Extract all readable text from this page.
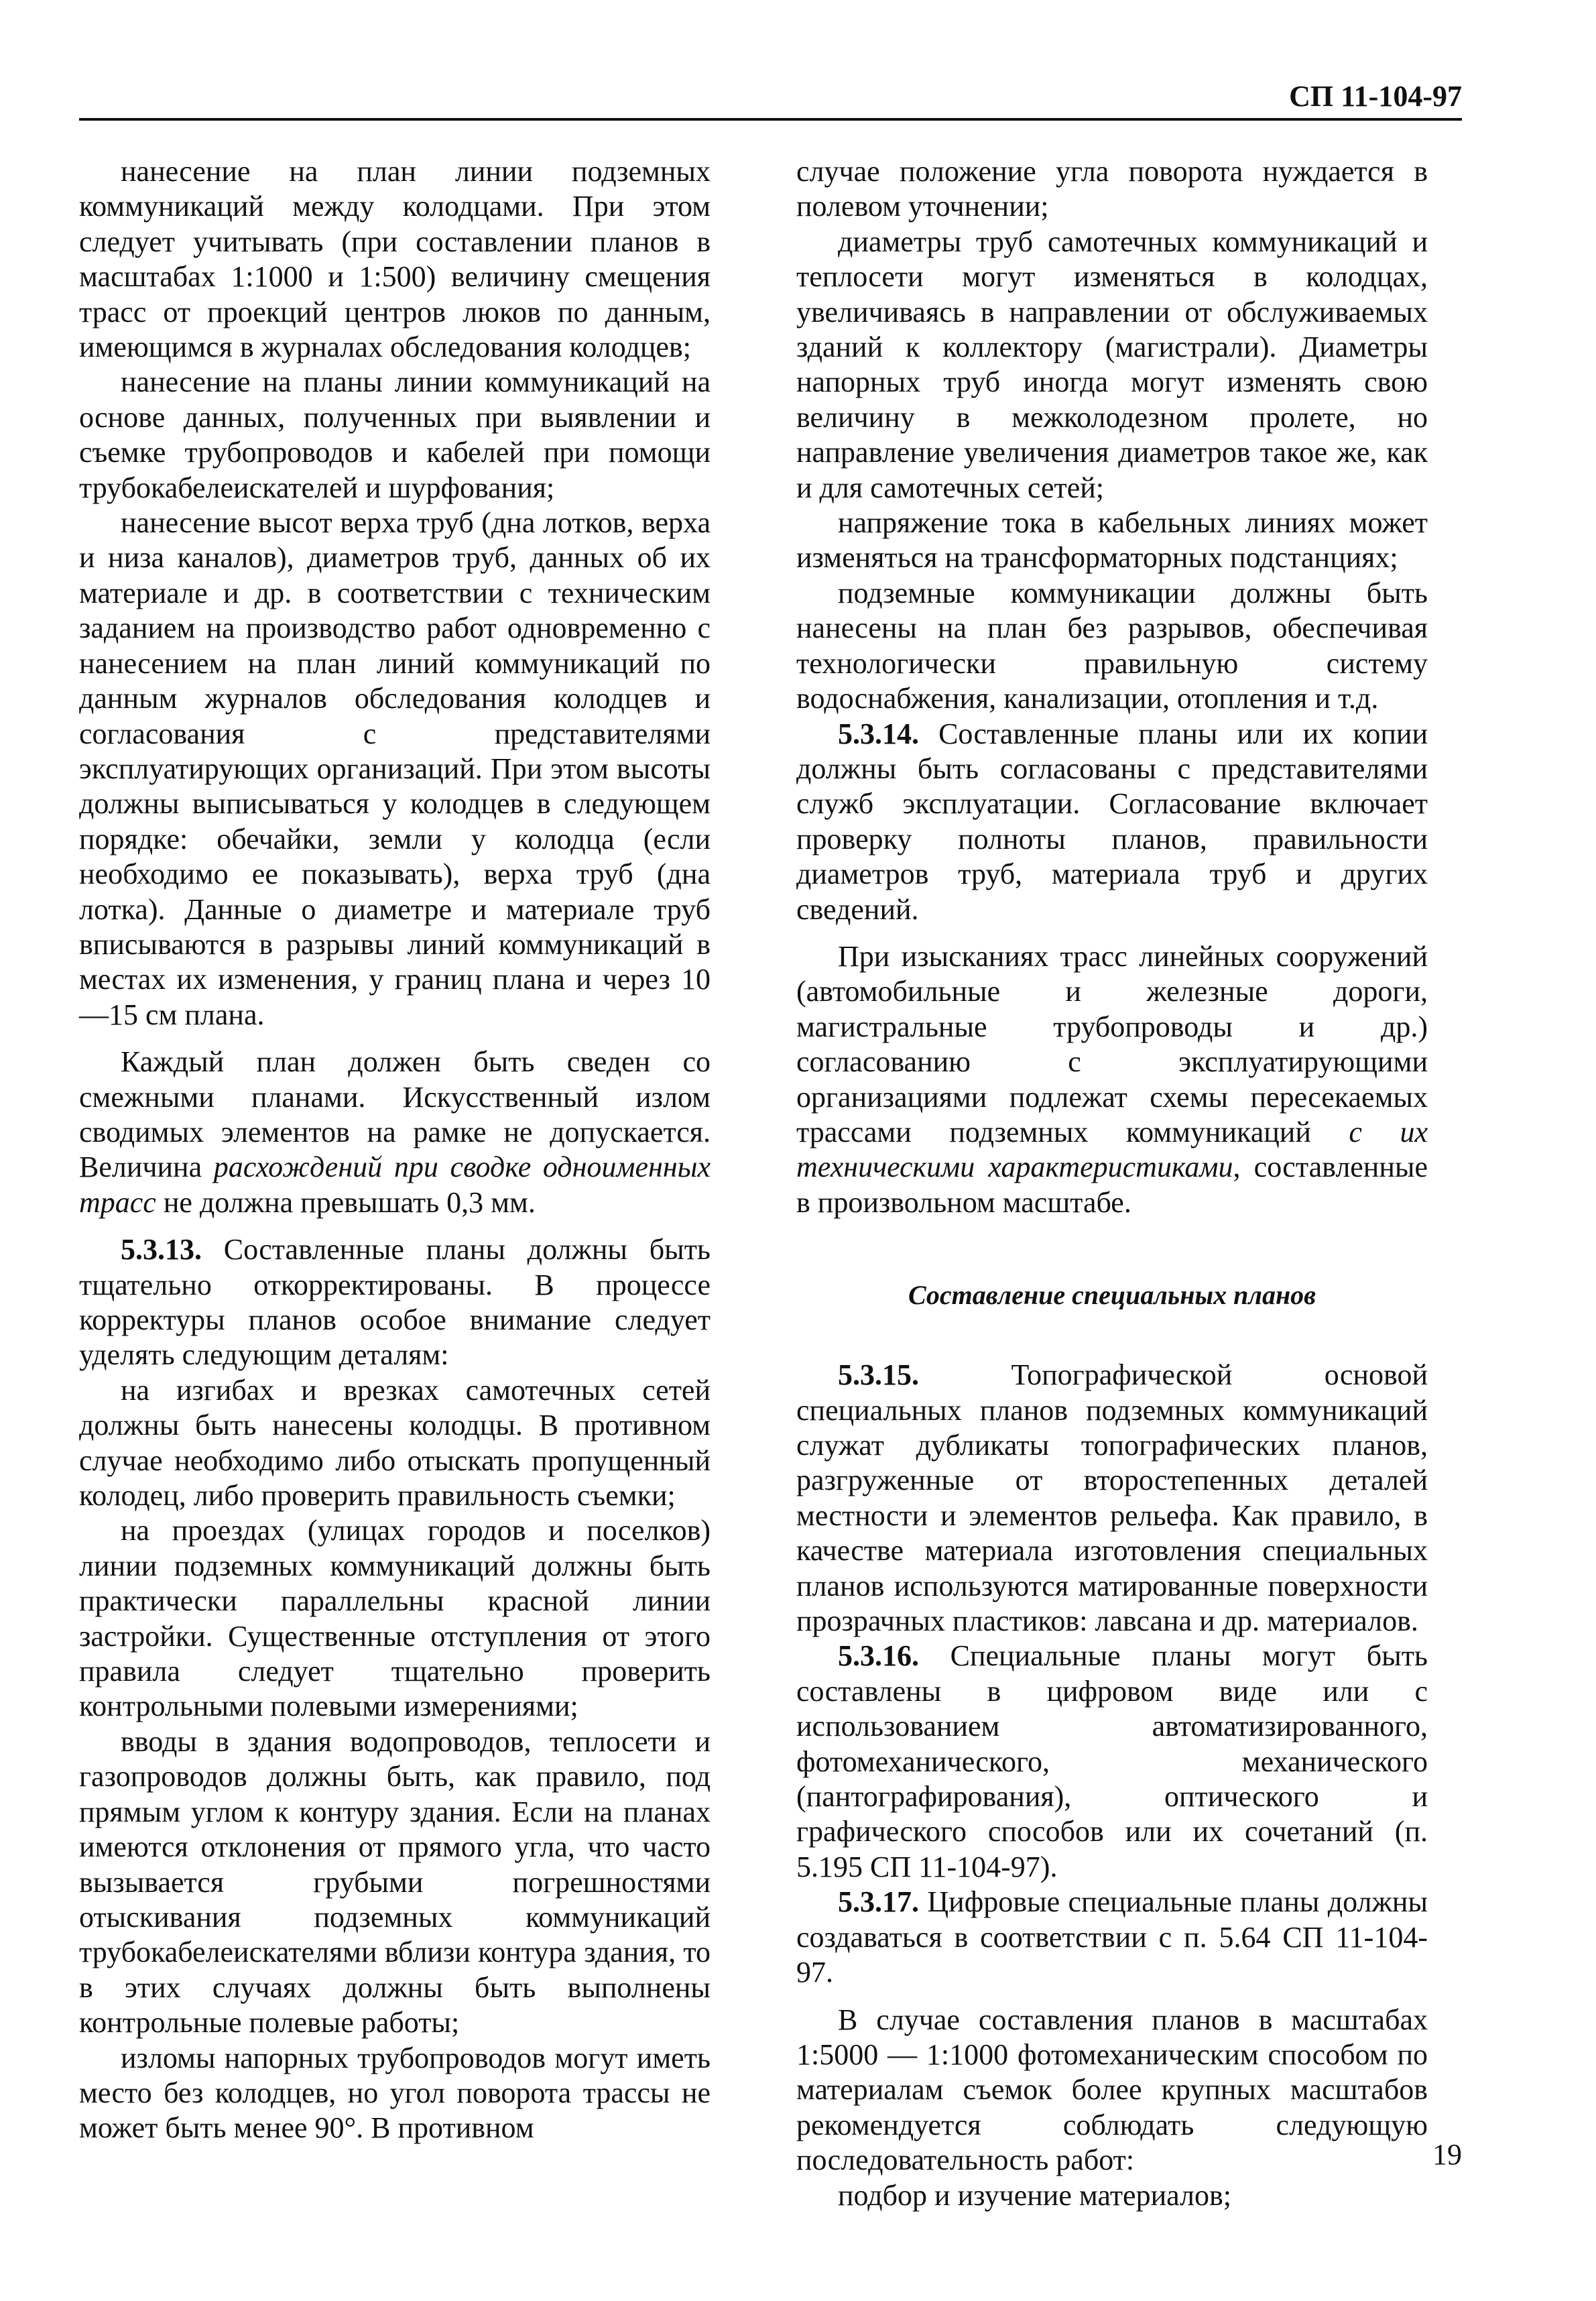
СП 11-104-97

нанесение на план линии подземных коммуникаций между колодцами. При этом следует учитывать (при составлении планов в масштабах 1:1000 и 1:500) величину смещения трасс от проекций центров люков по данным, имеющимся в журналах обследования колодцев;

нанесение на планы линии коммуникаций на основе данных, полученных при выявлении и съемке трубопроводов и кабелей при помощи трубокабелеискателей и шурфования;

нанесение высот верха труб (дна лотков, верха и низа каналов), диаметров труб, данных об их материале и др. в соответствии с техническим заданием на производство работ одновременно с нанесением на план линий коммуникаций по данным журналов обследования колодцев и согласования с представителями эксплуатирующих организаций. При этом высоты должны выписываться у колодцев в следующем порядке: обечайки, земли у колодца (если необходимо ее показывать), верха труб (дна лотка). Данные о диаметре и материале труб вписываются в разрывы линий коммуникаций в местах их изменения, у границ плана и через 10—15 см плана.

Каждый план должен быть сведен со смежными планами. Искусственный излом сводимых элементов на рамке не допускается. Величина расхождений при сводке одноименных трасс не должна превышать 0,3 мм.

5.3.13. Составленные планы должны быть тщательно откорректированы. В процессе корректуры планов особое внимание следует уделять следующим деталям:

на изгибах и врезках самотечных сетей должны быть нанесены колодцы. В противном случае необходимо либо отыскать пропущенный колодец, либо проверить правильность съемки;

на проездах (улицах городов и поселков) линии подземных коммуникаций должны быть практически параллельны красной линии застройки. Существенные отступления от этого правила следует тщательно проверить контрольными полевыми измерениями;

вводы в здания водопроводов, теплосети и газопроводов должны быть, как правило, под прямым углом к контуру здания. Если на планах имеются отклонения от прямого угла, что часто вызывается грубыми погрешностями отыскивания подземных коммуникаций трубокабелеискателями вблизи контура здания, то в этих случаях должны быть выполнены контрольные полевые работы;

изломы напорных трубопроводов могут иметь место без колодцев, но угол поворота трассы не может быть менее 90°. В противном

случае положение угла поворота нуждается в полевом уточнении;

диаметры труб самотечных коммуникаций и теплосети могут изменяться в колодцах, увеличиваясь в направлении от обслуживаемых зданий к коллектору (магистрали). Диаметры напорных труб иногда могут изменять свою величину в межколодезном пролете, но направление увеличения диаметров такое же, как и для самотечных сетей;

напряжение тока в кабельных линиях может изменяться на трансформаторных подстанциях;

подземные коммуникации должны быть нанесены на план без разрывов, обеспечивая технологически правильную систему водоснабжения, канализации, отопления и т.д.

5.3.14. Составленные планы или их копии должны быть согласованы с представителями служб эксплуатации. Согласование включает проверку полноты планов, правильности диаметров труб, материала труб и других сведений.

При изысканиях трасс линейных сооружений (автомобильные и железные дороги, магистральные трубопроводы и др.) согласованию с эксплуатирующими организациями подлежат схемы пересекаемых трассами подземных коммуникаций с их техническими характеристиками, составленные в произвольном масштабе.

Составление специальных планов

5.3.15. Топографической основой специальных планов подземных коммуникаций служат дубликаты топографических планов, разгруженные от второстепенных деталей местности и элементов рельефа. Как правило, в качестве материала изготовления специальных планов используются матированные поверхности прозрачных пластиков: лавсана и др. материалов.

5.3.16. Специальные планы могут быть составлены в цифровом виде или с использованием автоматизированного, фотомеханического, механического (пантографирования), оптического и графического способов или их сочетаний (п. 5.195 СП 11-104-97).

5.3.17. Цифровые специальные планы должны создаваться в соответствии с п. 5.64 СП 11-104-97.

В случае составления планов в масштабах 1:5000 — 1:1000 фотомеханическим способом по материалам съемок более крупных масштабов рекомендуется соблюдать следующую последовательность работ:

подбор и изучение материалов;

19
